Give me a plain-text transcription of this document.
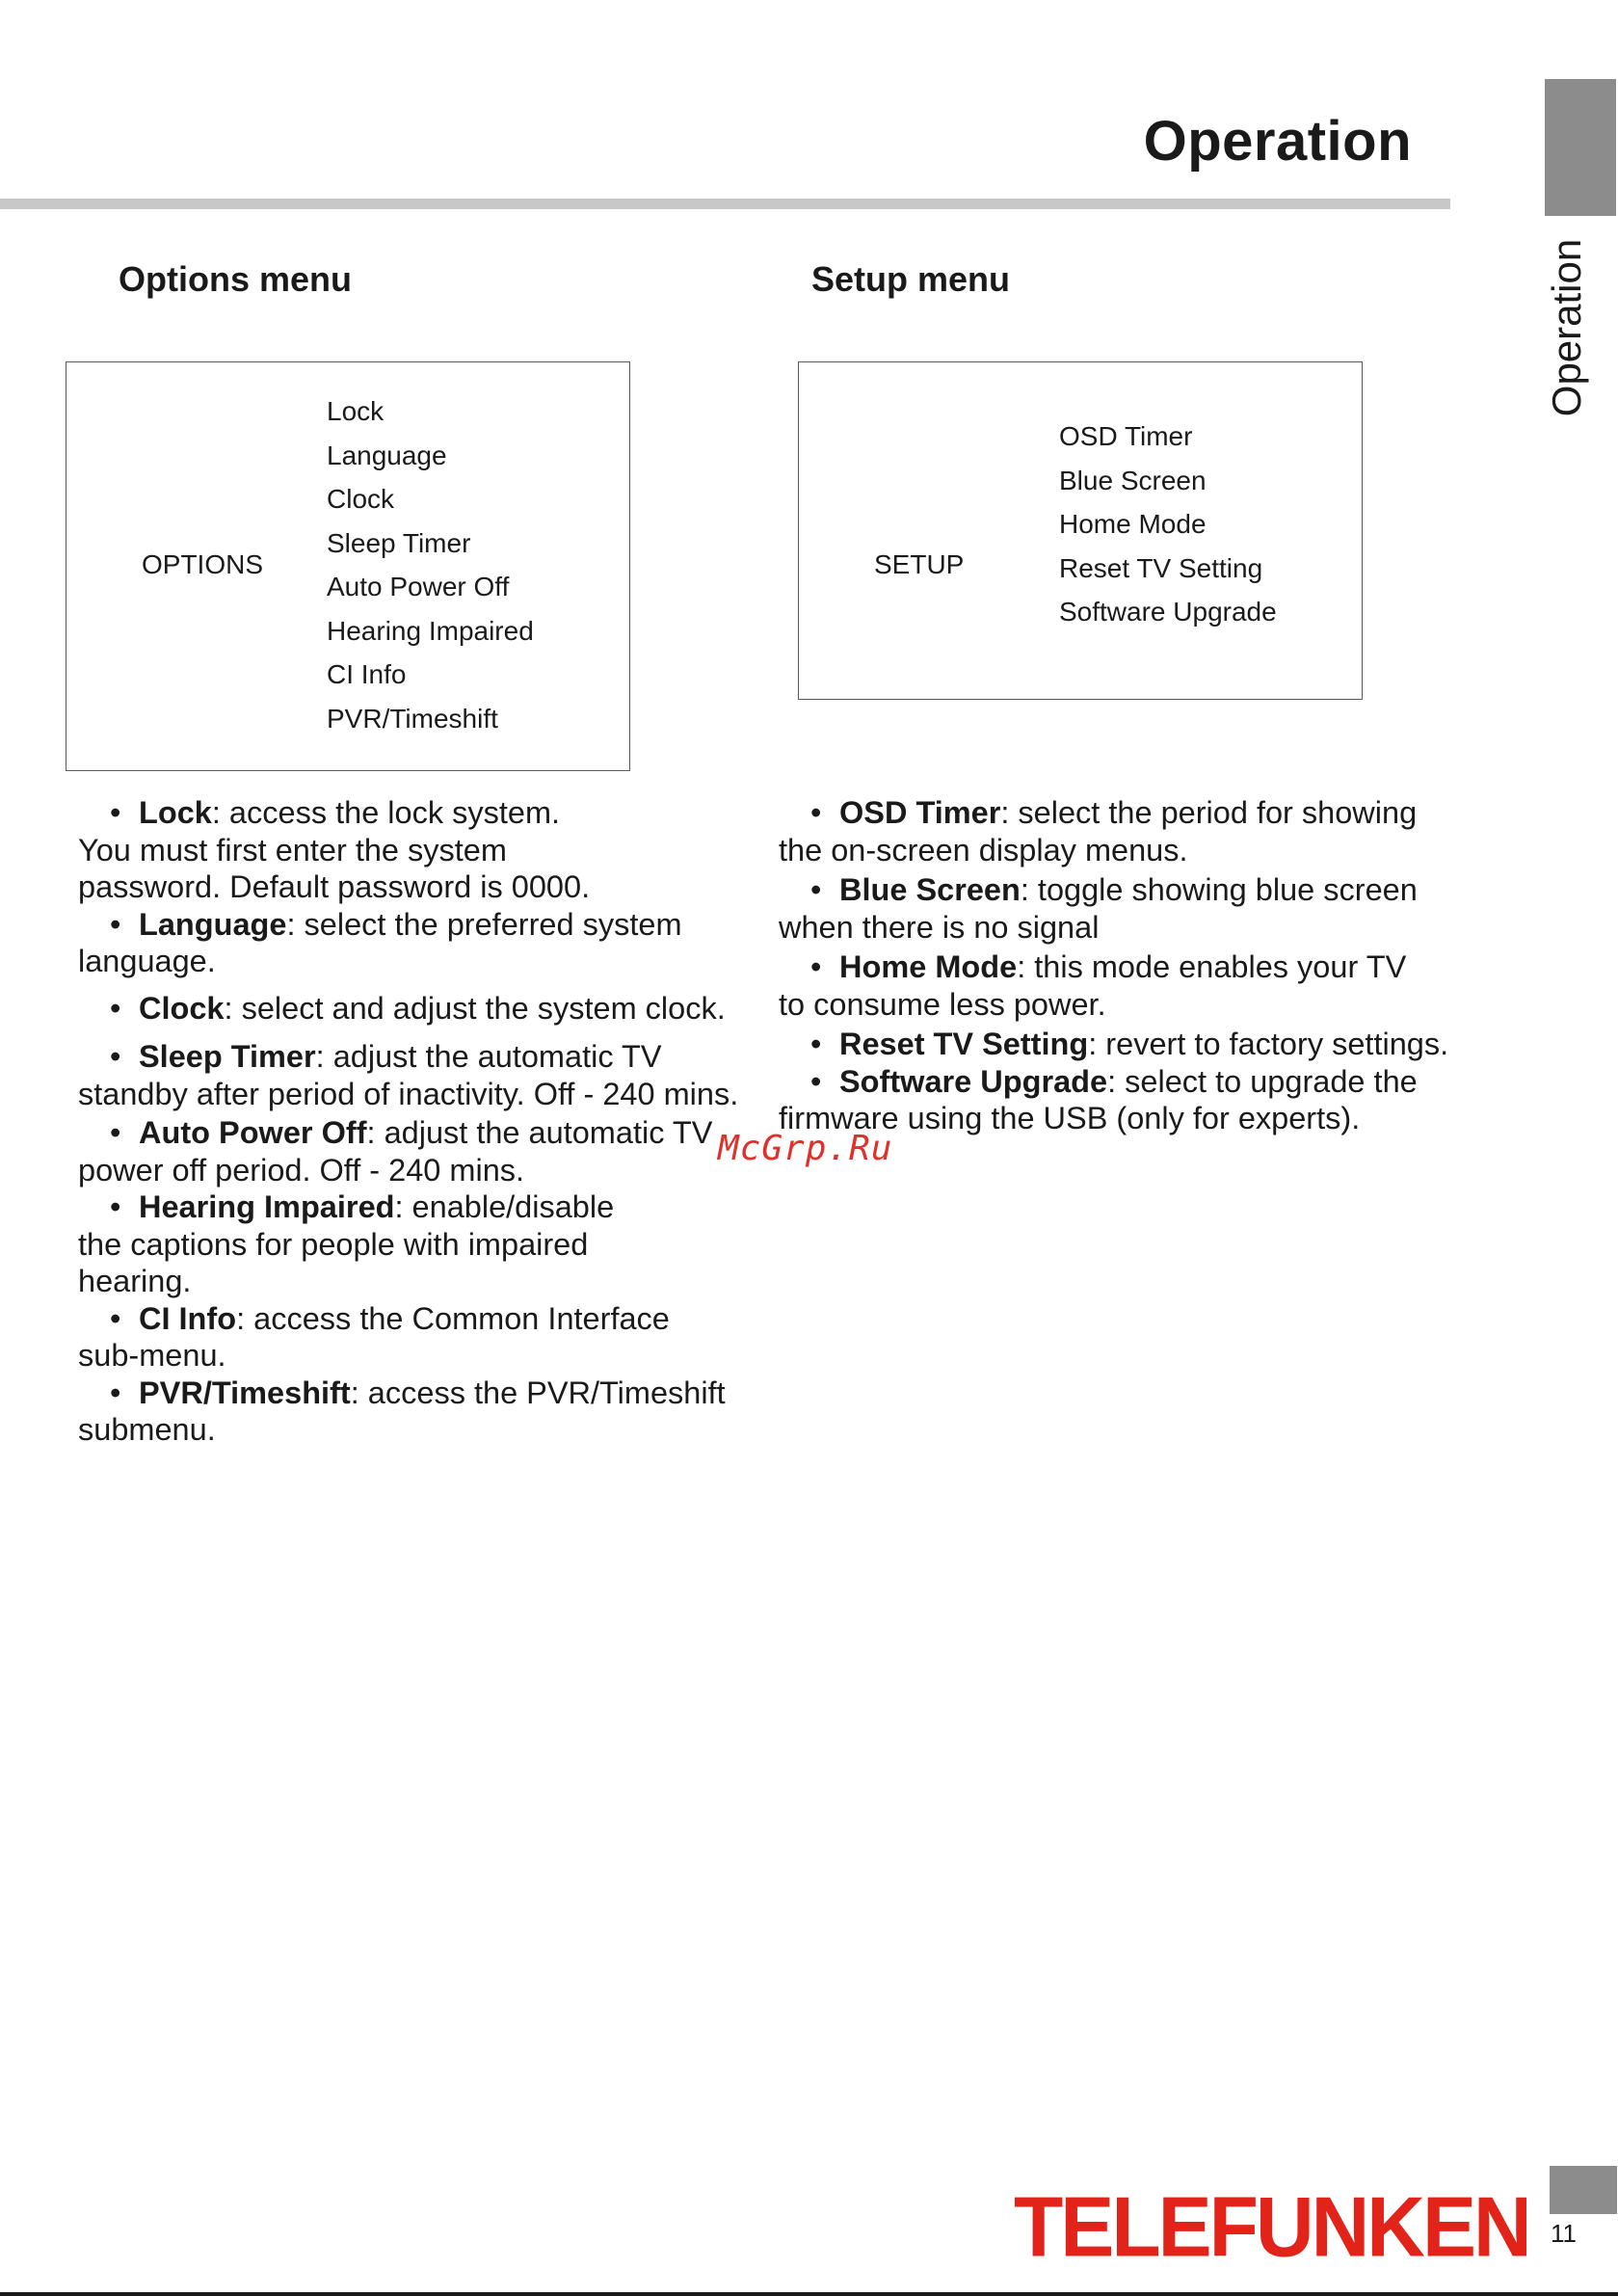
Operation
Operation
Options menu
OPTIONS
Lock
Language
Clock
Sleep Timer
Auto Power Off
Hearing Impaired
CI Info
PVR/Timeshift
Setup menu
SETUP
OSD Timer
Blue Screen
Home Mode
Reset TV Setting
Software Upgrade
• Lock: access the lock system.
You must first enter the system
password. Default password is 0000.
• Language: select the preferred system
language.
• Clock: select and adjust the system clock.
• Sleep Timer: adjust the automatic TV
standby after period of inactivity. Off - 240 mins.
• Auto Power Off: adjust the automatic TV
power off period. Off - 240 mins.
• Hearing Impaired: enable/disable
the captions for people with impaired
hearing.
• CI Info: access the Common Interface
sub-menu.
• PVR/Timeshift: access the PVR/Timeshift
submenu.
• OSD Timer: select the period for showing
the on-screen display menus.
• Blue Screen: toggle showing blue screen
when there is no signal
• Home Mode: this mode enables your TV
to consume less power.
• Reset TV Setting: revert to factory settings.
• Software Upgrade: select to upgrade the
firmware using the USB (only for experts).
McGrp.Ru
TELEFUNKEN 11
